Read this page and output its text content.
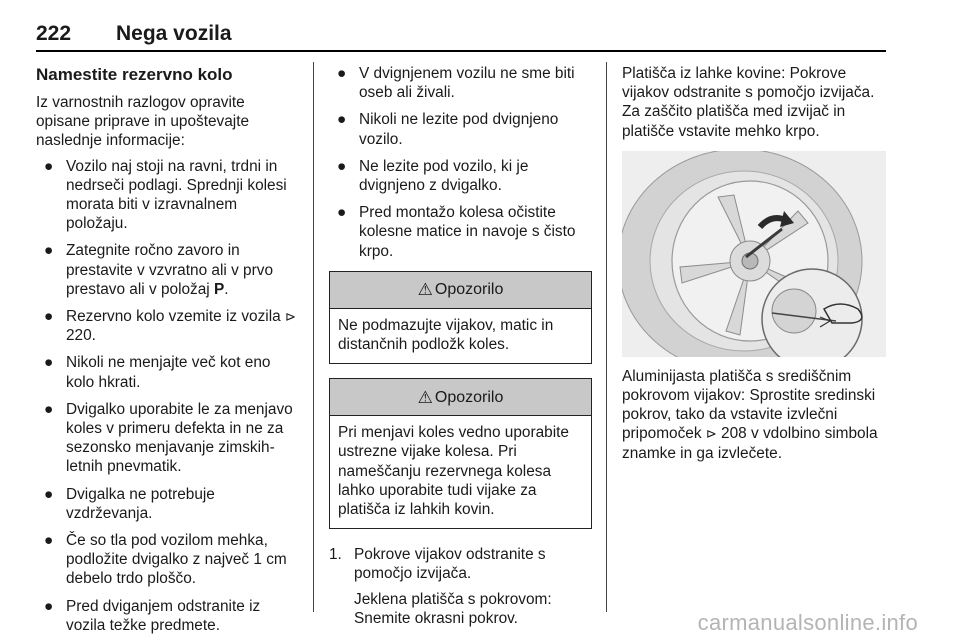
222 Nega vozila
Namestite rezervno kolo

Iz varnostnih razlogov opravite opisane priprave in upoštevajte naslednje informacije:

● Vozilo naj stoji na ravni, trdni in nedrseči podlagi. Sprednji kolesi morata biti v izravnalnem položaju.
● Zategnite ročno zavoro in prestavite v vzvratno ali v prvo prestavo ali v položaj P.
● Rezervno kolo vzemite iz vozila ⊳ 220.
● Nikoli ne menjajte več kot eno kolo hkrati.
● Dvigalko uporabite le za menjavo koles v primeru defekta in ne za sezonsko menjavanje zimskih- letnih pnevmatik.
● Dvigalka ne potrebuje vzdrževanja.
● Če so tla pod vozilom mehka, podložite dvigalko z največ 1 cm debelo trdo ploščo.
● Pred dviganjem odstranite iz vozila težke predmete.
● V dvignjenem vozilu ne sme biti oseb ali živali.
● Nikoli ne lezite pod dvignjeno vozilo.
● Ne lezite pod vozilo, ki je dvignjeno z dvigalko.
● Pred montažo kolesa očistite kolesne matice in navoje s čisto krpo.
⚠ Opozorilo
Ne podmazujte vijakov, matic in distančnih podložk koles.
⚠ Opozorilo
Pri menjavi koles vedno uporabite ustrezne vijake kolesa. Pri nameščanju rezervnega kolesa lahko uporabite tudi vijake za platišča iz lahkih kovin.
1. Pokrove vijakov odstranite s pomočjo izvijača.
Jeklena platišča s pokrovom: Snemite okrasni pokrov.

Platišča iz lahke kovine: Pokrove vijakov odstranite s pomočjo izvijača. Za zaščito platišča med izvijač in platišče vstavite mehko krpo.

Aluminijasta platišča s središčnim pokrovom vijakov: Sprostite sredinski pokrov, tako da vstavite izvlečni pripomoček ⊳ 208 v vdolbino simbola znamke in ga izvlečete.

carmanualsonline.info
